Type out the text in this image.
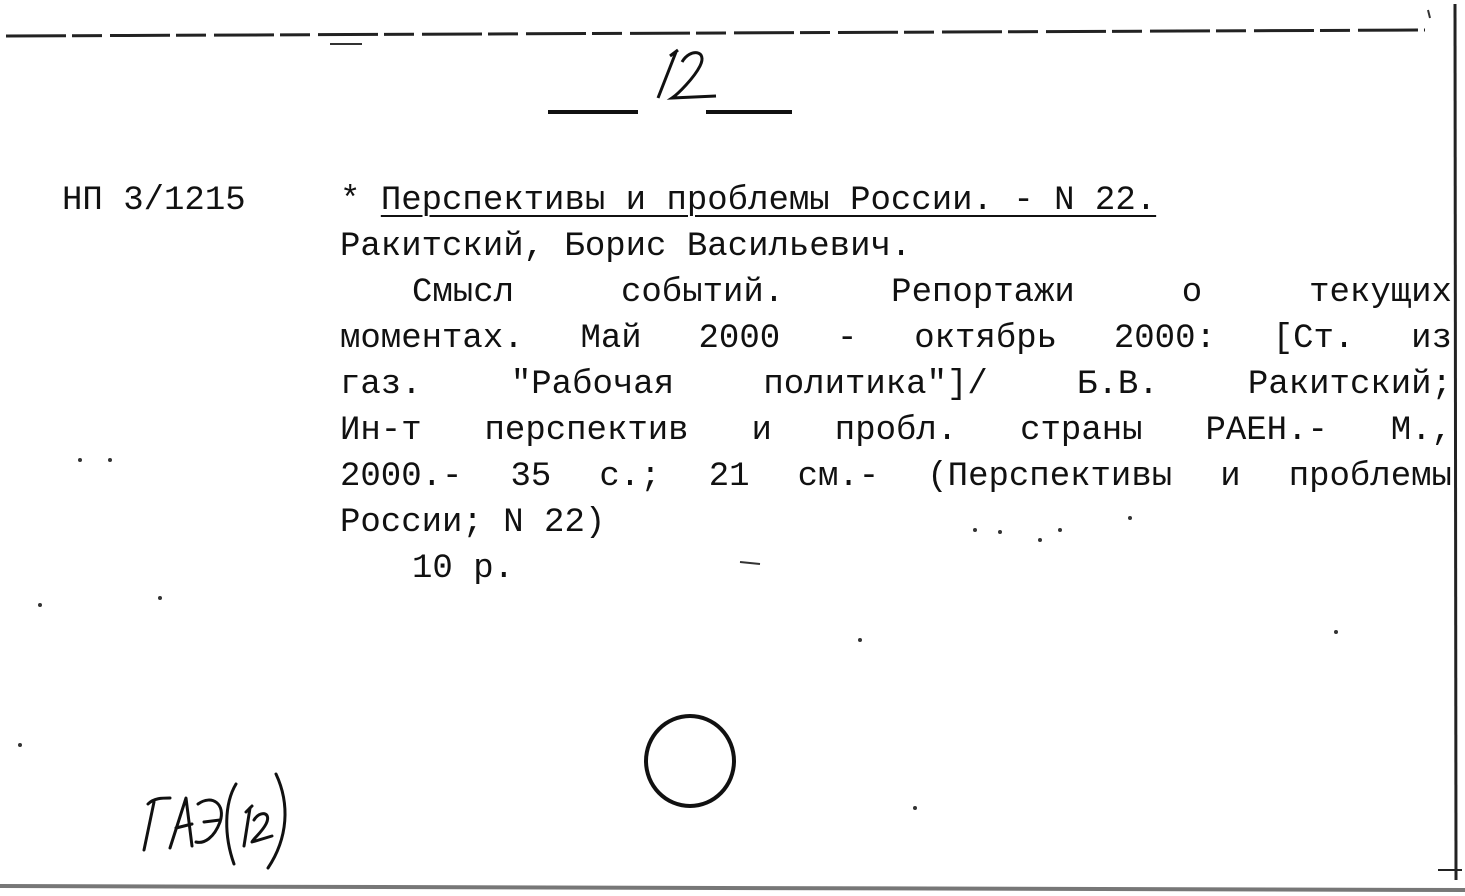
НП 3/1215	* Перспективы и проблемы России. - N 22.
Ракитский, Борис Васильевич.
Смысл	событий.	Репортажи	о	текущих
моментах. Май 2000 - октябрь 2000: [Ст. из
газ.	"Рабочая	политика"]/	Б.В.	Ракитский;
Ин-т перспектив и пробл. страны РАЕН.- М.,
2000.- 35 с.; 21 см.- (Перспективы и проблемы
России; N 22)
10 р.
